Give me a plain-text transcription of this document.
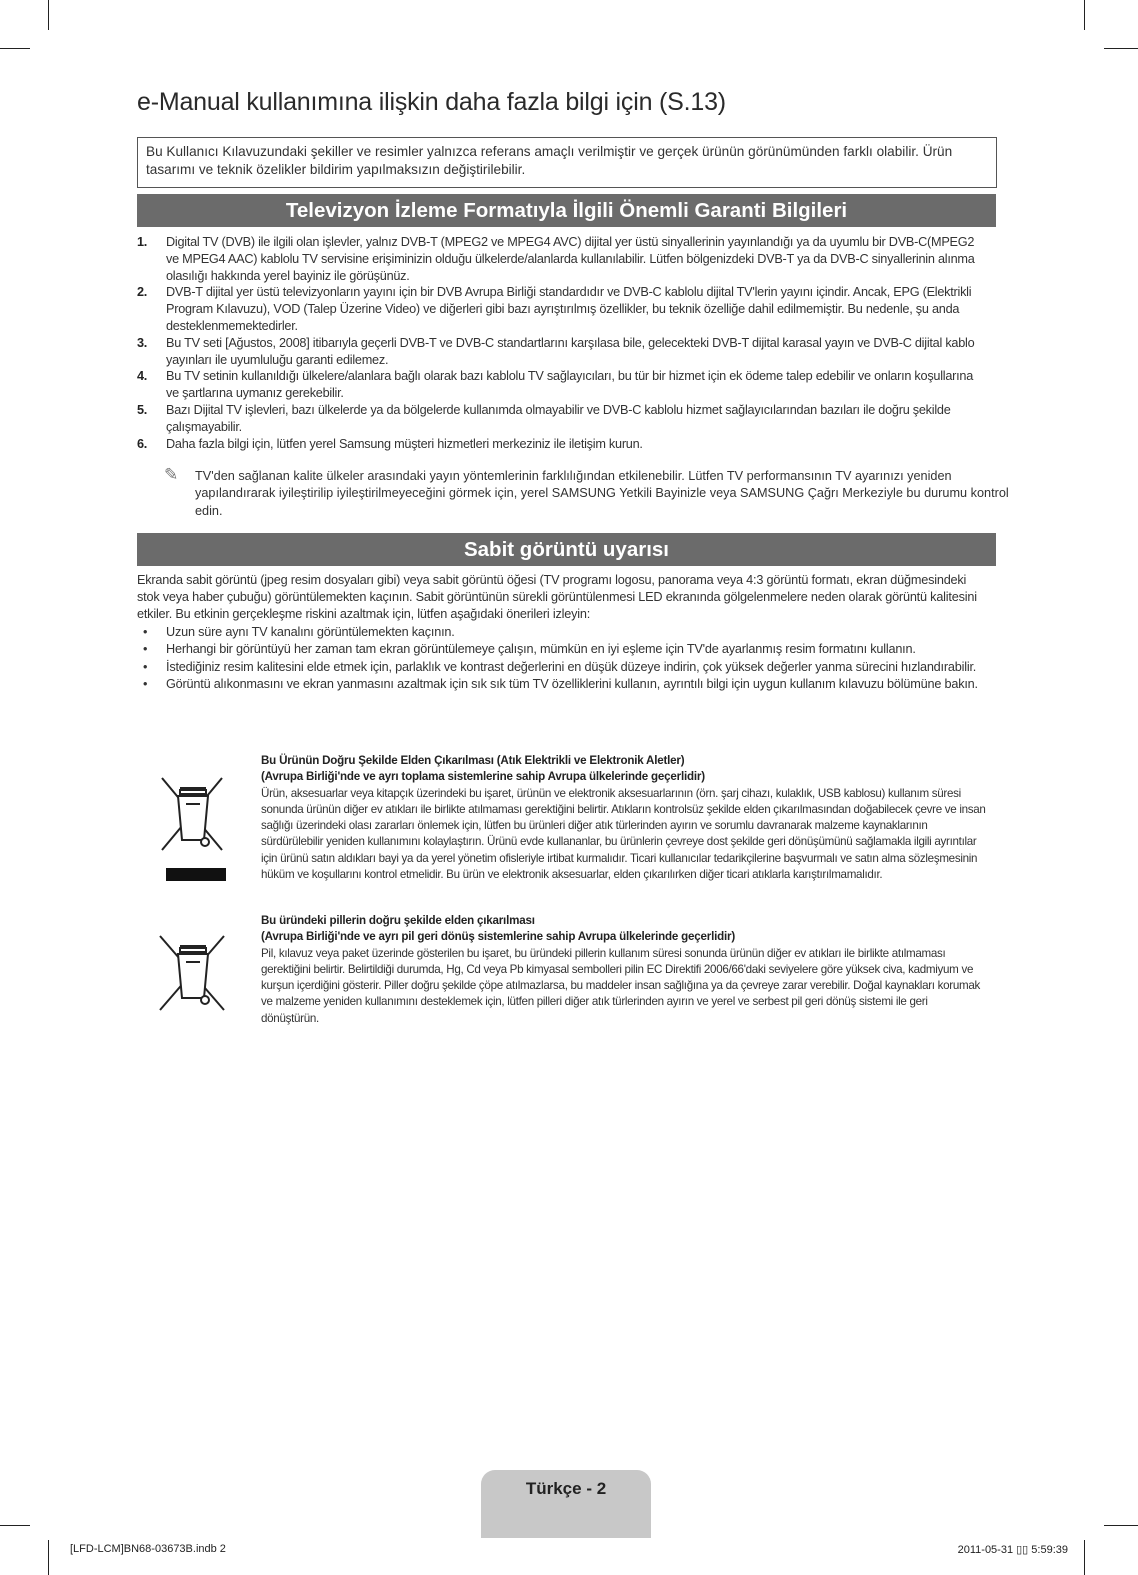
e-Manual kullanımına ilişkin daha fazla bilgi için (S.13)
Bu Kullanıcı Kılavuzundaki şekiller ve resimler yalnızca referans amaçlı verilmiştir ve gerçek ürünün görünümünden farklı olabilir. Ürün tasarımı ve teknik özelikler bildirim yapılmaksızın değiştirilebilir.
Televizyon İzleme Formatıyla İlgili Önemli Garanti Bilgileri
1. Digital TV (DVB) ile ilgili olan işlevler, yalnız DVB-T (MPEG2 ve MPEG4 AVC) dijital yer üstü sinyallerinin yayınlandığı ya da uyumlu bir DVB-C(MPEG2 ve MPEG4 AAC) kablolu TV servisine erişiminizin olduğu ülkelerde/alanlarda kullanılabilir. Lütfen bölgenizdeki DVB-T ya da DVB-C sinyallerinin alınma olasılığı hakkında yerel bayiniz ile görüşünüz.
2. DVB-T dijital yer üstü televizyonların yayını için bir DVB Avrupa Birliği standardıdır ve DVB-C kablolu dijital TV'lerin yayını içindir. Ancak, EPG (Elektrikli Program Kılavuzu), VOD (Talep Üzerine Video) ve diğerleri gibi bazı ayrıştırılmış özellikler, bu teknik özelliğe dahil edilmemiştir. Bu nedenle, şu anda desteklenmemektedirler.
3. Bu TV seti [Ağustos, 2008] itibarıyla geçerli DVB-T ve DVB-C standartlarını karşılasa bile, gelecekteki DVB-T dijital karasal yayın ve DVB-C dijital kablo yayınları ile uyumluluğu garanti edilemez.
4. Bu TV setinin kullanıldığı ülkelere/alanlara bağlı olarak bazı kablolu TV sağlayıcıları, bu tür bir hizmet için ek ödeme talep edebilir ve onların koşullarına ve şartlarına uymanız gerekebilir.
5. Bazı Dijital TV işlevleri, bazı ülkelerde ya da bölgelerde kullanımda olmayabilir ve DVB-C kablolu hizmet sağlayıcılarından bazıları ile doğru şekilde çalışmayabilir.
6. Daha fazla bilgi için, lütfen yerel Samsung müşteri hizmetleri merkeziniz ile iletişim kurun.
✎ TV'den sağlanan kalite ülkeler arasındaki yayın yöntemlerinin farklılığından etkilenebilir. Lütfen TV performansının TV ayarınızı yeniden yapılandırarak iyileştirilip iyileştirilmeyeceğini görmek için, yerel SAMSUNG Yetkili Bayinizle veya SAMSUNG Çağrı Merkeziyle bu durumu kontrol edin.
Sabit görüntü uyarısı
Ekranda sabit görüntü (jpeg resim dosyaları gibi) veya sabit görüntü öğesi (TV programı logosu, panorama veya 4:3 görüntü formatı, ekran düğmesindeki stok veya haber çubuğu) görüntülemekten kaçının. Sabit görüntünün sürekli görüntülenmesi LED ekranında gölgelenmelere neden olarak görüntü kalitesini etkiler. Bu etkinin gerçekleşme riskini azaltmak için, lütfen aşağıdaki önerileri izleyin:
• Uzun süre aynı TV kanalını görüntülemekten kaçının.
• Herhangi bir görüntüyü her zaman tam ekran görüntülemeye çalışın, mümkün en iyi eşleme için TV'de ayarlanmış resim formatını kullanın.
• İstediğiniz resim kalitesini elde etmek için, parlaklık ve kontrast değerlerini en düşük düzeye indirin, çok yüksek değerler yanma sürecini hızlandırabilir.
• Görüntü alıkonmasını ve ekran yanmasını azaltmak için sık sık tüm TV özelliklerini kullanın, ayrıntılı bilgi için uygun kullanım kılavuzu bölümüne bakın.
Bu Ürünün Doğru Şekilde Elden Çıkarılması (Atık Elektrikli ve Elektronik Aletler)
(Avrupa Birliği'nde ve ayrı toplama sistemlerine sahip Avrupa ülkelerinde geçerlidir)
Ürün, aksesuarlar veya kitapçık üzerindeki bu işaret, ürünün ve elektronik aksesuarlarının (örn. şarj cihazı, kulaklık, USB kablosu) kullanım süresi sonunda ürünün diğer ev atıkları ile birlikte atılmaması gerektiğini belirtir. Atıkların kontrolsüz şekilde elden çıkarılmasından doğabilecek çevre ve insan sağlığı üzerindeki olası zararları önlemek için, lütfen bu ürünleri diğer atık türlerinden ayırın ve sorumlu davranarak malzeme kaynaklarının sürdürülebilir yeniden kullanımını kolaylaştırın. Ürünü evde kullananlar, bu ürünlerin çevreye dost şekilde geri dönüşümünü sağlamakla ilgili ayrıntılar için ürünü satın aldıkları bayi ya da yerel yönetim ofisleriyle irtibat kurmalıdır. Ticari kullanıcılar tedarikçilerine başvurmalı ve satın alma sözleşmesinin hüküm ve koşullarını kontrol etmelidir. Bu ürün ve elektronik aksesuarlar, elden çıkarılırken diğer ticari atıklarla karıştırılmamalıdır.
Bu üründeki pillerin doğru şekilde elden çıkarılması
(Avrupa Birliği'nde ve ayrı pil geri dönüş sistemlerine sahip Avrupa ülkelerinde geçerlidir)
Pil, kılavuz veya paket üzerinde gösterilen bu işaret, bu üründeki pillerin kullanım süresi sonunda ürünün diğer ev atıkları ile birlikte atılmaması gerektiğini belirtir. Belirtildiği durumda, Hg, Cd veya Pb kimyasal sembolleri pilin EC Direktifi 2006/66'daki seviyelere göre yüksek civa, kadmiyum ve kurşun içerdiğini gösterir. Piller doğru şekilde çöpe atılmazlarsa, bu maddeler insan sağlığına ya da çevreye zarar verebilir. Doğal kaynakları korumak ve malzeme yeniden kullanımını desteklemek için, lütfen pilleri diğer atık türlerinden ayırın ve yerel ve serbest pil geri dönüş sistemi ile geri dönüştürün.
Türkçe - 2
[LFD-LCM]BN68-03673B.indb 2	2011-05-31 ▯▯ 5:59:39
